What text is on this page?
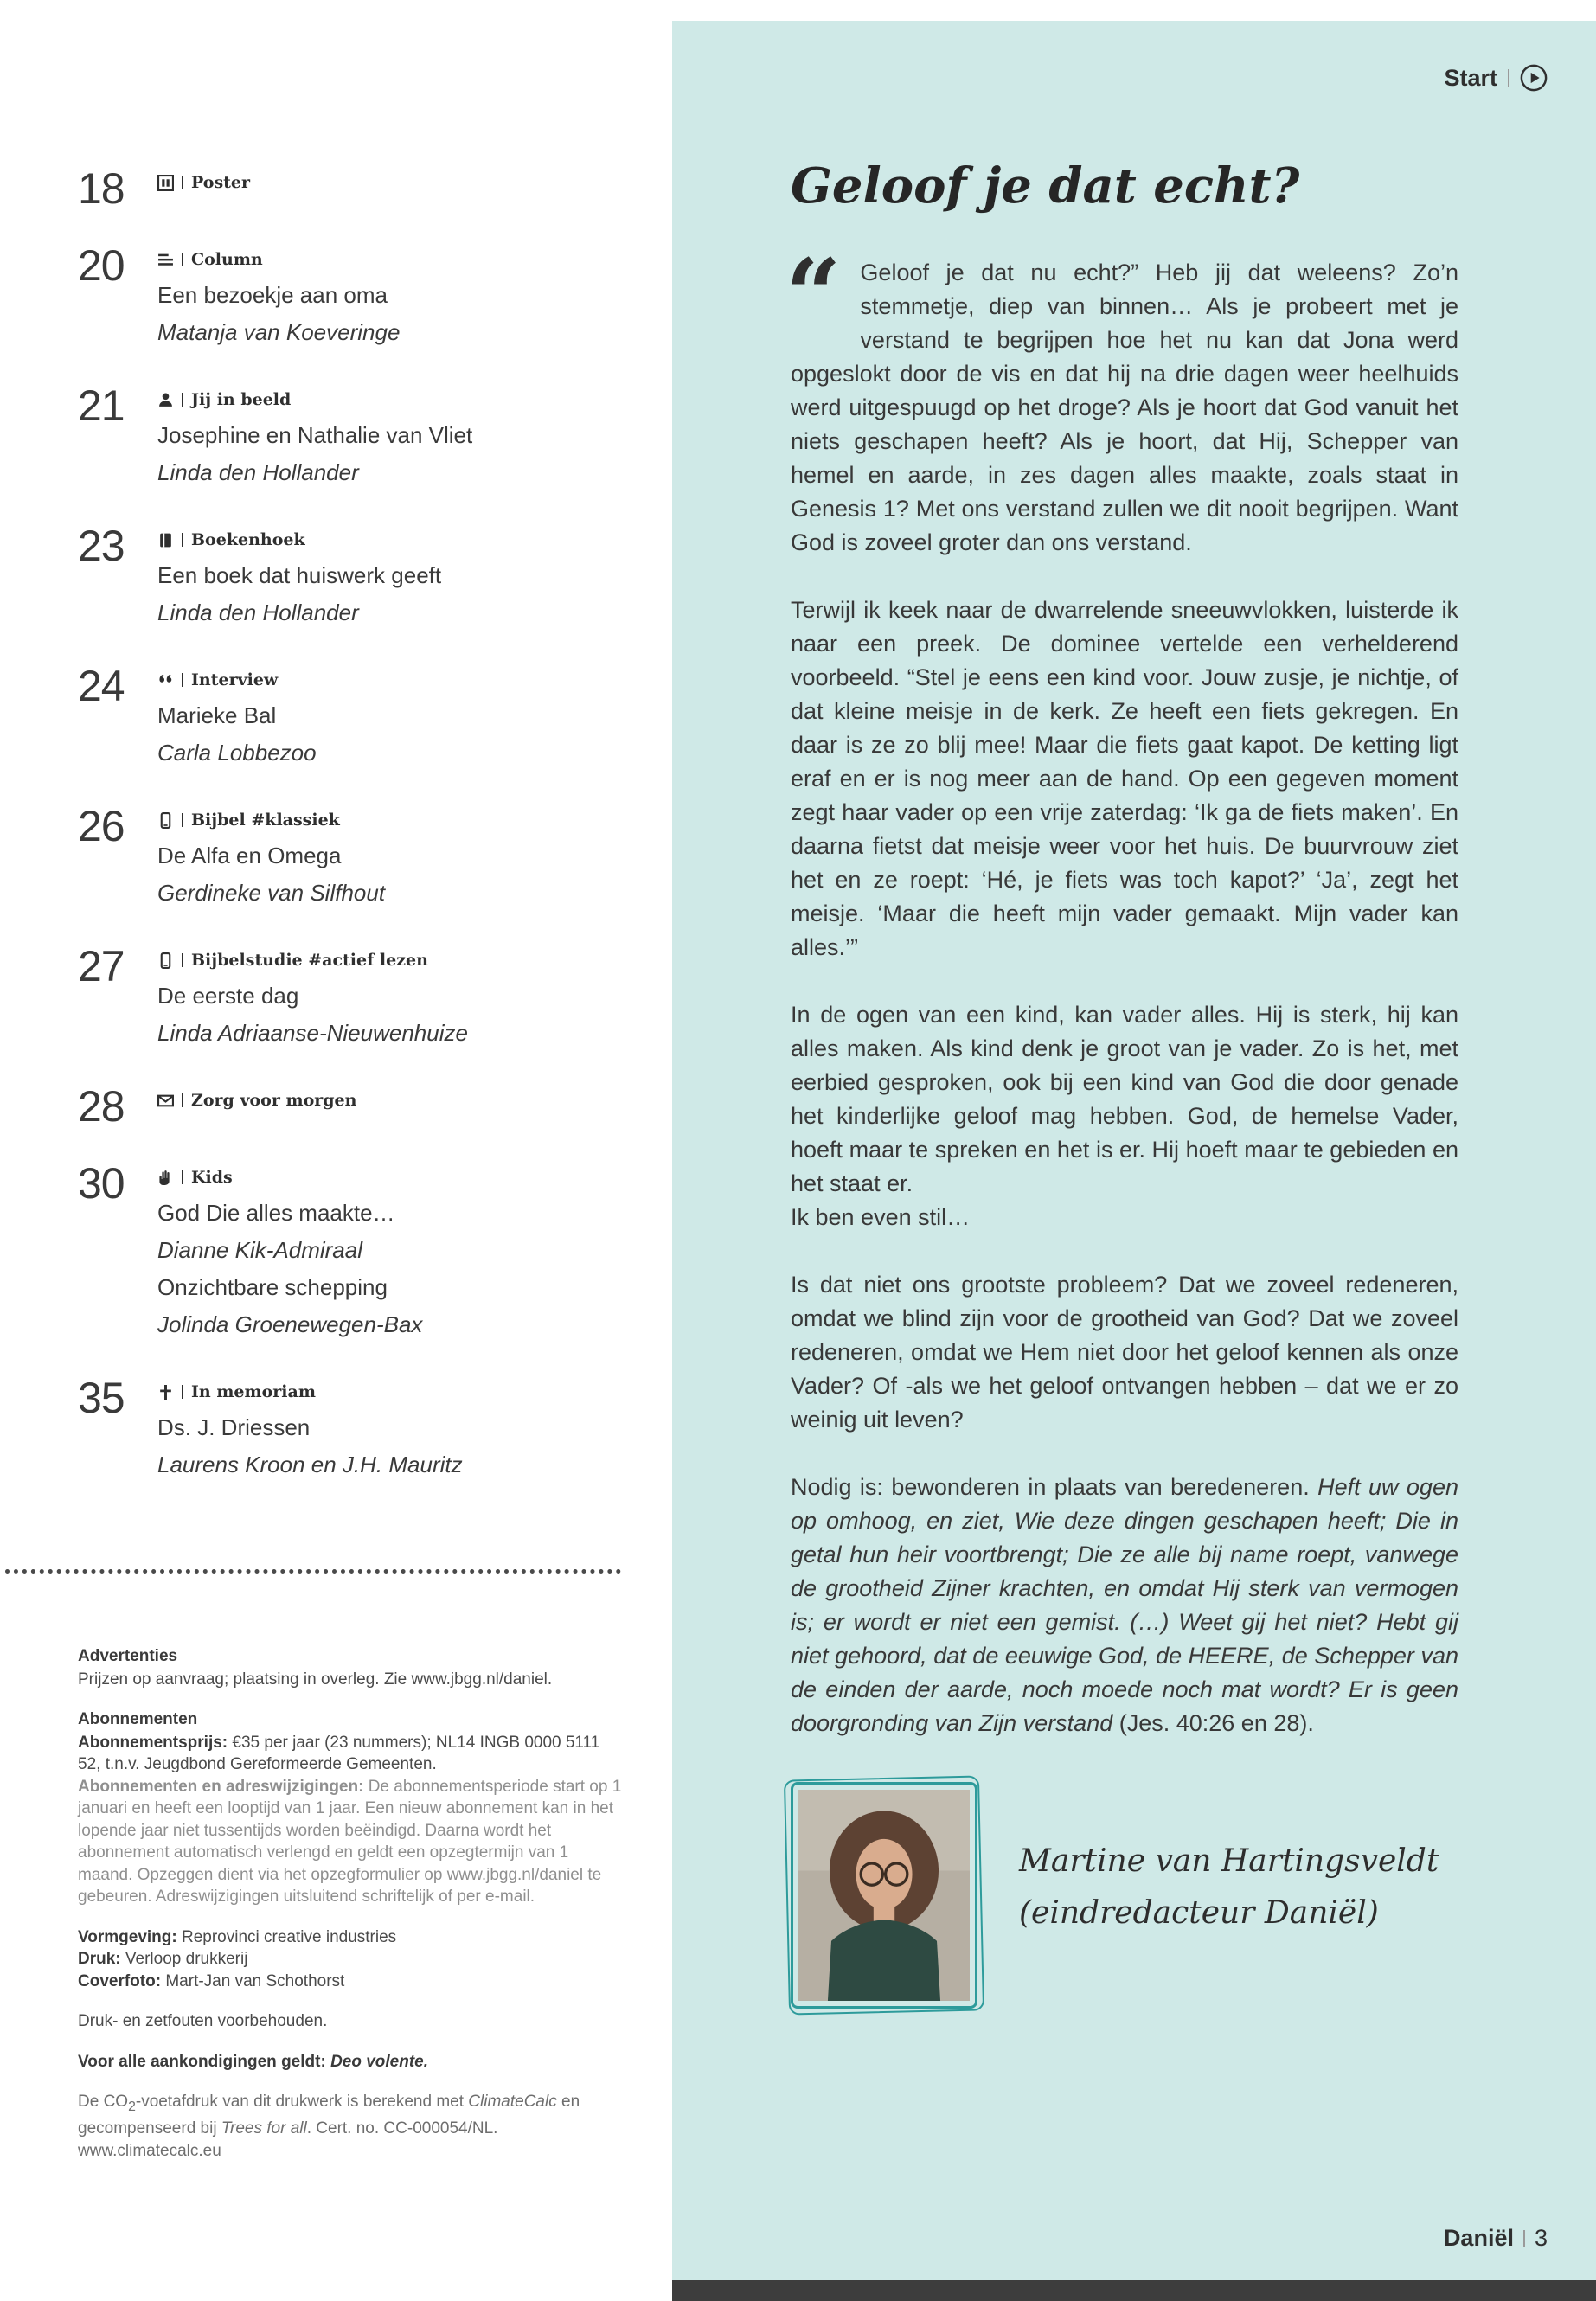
18	Poster
20	Column
Een bezoekje aan oma
Matanja van Koeveringe
21	Jij in beeld
Josephine en Nathalie van Vliet
Linda den Hollander
23	Boekenhoek
Een boek dat huiswerk geeft
Linda den Hollander
24	Interview
Marieke Bal
Carla Lobbezoo
26	Bijbel #klassiek
De Alfa en Omega
Gerdineke van Silfhout
27	Bijbelstudie #actief lezen
De eerste dag
Linda Adriaanse-Nieuwenhuize
28	Zorg voor morgen
30	Kids
God Die alles maakte…
Dianne Kik-Admiraal
Onzichtbare schepping
Jolinda Groenewegen-Bax
35	In memoriam
Ds. J. Driessen
Laurens Kroon en J.H. Mauritz
Advertenties
Prijzen op aanvraag; plaatsing in overleg. Zie www.jbgg.nl/daniel.
Abonnementen
Abonnementsprijs: €35 per jaar (23 nummers); NL14 INGB 0000 5111 52, t.n.v. Jeugdbond Gereformeerde Gemeenten.
Abonnementen en adreswijzigingen: De abonnementsperiode start op 1 januari en heeft een looptijd van 1 jaar. Een nieuw abonnement kan in het lopende jaar niet tussentijds worden beëindigd. Daarna wordt het abonnement automatisch verlengd en geldt een opzegtermijn van 1 maand. Opzeggen dient via het opzegformulier op www.jbgg.nl/daniel te gebeuren. Adreswijzigingen uitsluitend schriftelijk of per e-mail.
Vormgeving: Reprovinci creative industries
Druk: Verloop drukkerij
Coverfoto: Mart-Jan van Schothorst
Druk- en zetfouten voorbehouden.
Voor alle aankondigingen geldt: Deo volente.
De $CO_2$-voetafdruk van dit drukwerk is berekend met ClimateCalc en gecompenseerd bij Trees for all. Cert. no. CC-000054/NL. www.climatecalc.eu
Start
Geloof je dat echt?

“ Geloof je dat nu echt?” Heb jij dat weleens? Zo’n stemmetje, diep van binnen… Als je probeert met je verstand te begrijpen hoe het nu kan dat Jona werd opgeslokt door de vis en dat hij na drie dagen weer heelhuids werd uitgespuugd op het droge? Als je hoort dat God vanuit het niets geschapen heeft? Als je hoort, dat Hij, Schepper van hemel en aarde, in zes dagen alles maakte, zoals staat in Genesis 1? Met ons verstand zullen we dit nooit begrijpen. Want God is zoveel groter dan ons verstand.

Terwijl ik keek naar de dwarrelende sneeuwvlokken, luisterde ik naar een preek. De dominee vertelde een verhelderend voorbeeld. “Stel je eens een kind voor. Jouw zusje, je nichtje, of dat kleine meisje in de kerk. Ze heeft een fiets gekregen. En daar is ze zo blij mee! Maar die fiets gaat kapot. De ketting ligt eraf en er is nog meer aan de hand. Op een gegeven moment zegt haar vader op een vrije zaterdag: ‘Ik ga de fiets maken’. En daarna fietst dat meisje weer voor het huis. De buurvrouw ziet het en ze roept: ‘Hé, je fiets was toch kapot?’ ‘Ja’, zegt het meisje. ‘Maar die heeft mijn vader gemaakt. Mijn vader kan alles.’”

In de ogen van een kind, kan vader alles. Hij is sterk, hij kan alles maken. Als kind denk je groot van je vader. Zo is het, met eerbied gesproken, ook bij een kind van God die door genade het kinderlijke geloof mag hebben. God, de hemelse Vader, hoeft maar te spreken en het is er. Hij hoeft maar te gebieden en het staat er.
Ik ben even stil…

Is dat niet ons grootste probleem? Dat we zoveel redeneren, omdat we blind zijn voor de grootheid van God? Dat we zoveel redeneren, omdat we Hem niet door het geloof kennen als onze Vader? Of -als we het geloof ontvangen hebben – dat we er zo weinig uit leven?

Nodig is: bewonderen in plaats van beredeneren. Heft uw ogen op omhoog, en ziet, Wie deze dingen geschapen heeft; Die in getal hun heir voortbrengt; Die ze alle bij name roept, vanwege de grootheid Zijner krachten, en omdat Hij sterk van vermogen is; er wordt er niet een gemist. (…) Weet gij het niet? Hebt gij niet gehoord, dat de eeuwige God, de HEERE, de Schepper van de einden der aarde, noch moede noch mat wordt? Er is geen doorgronding van Zijn verstand (Jes. 40:26 en 28).

Martine van Hartingsveldt
(eindredacteur Daniël)
Daniël 3
